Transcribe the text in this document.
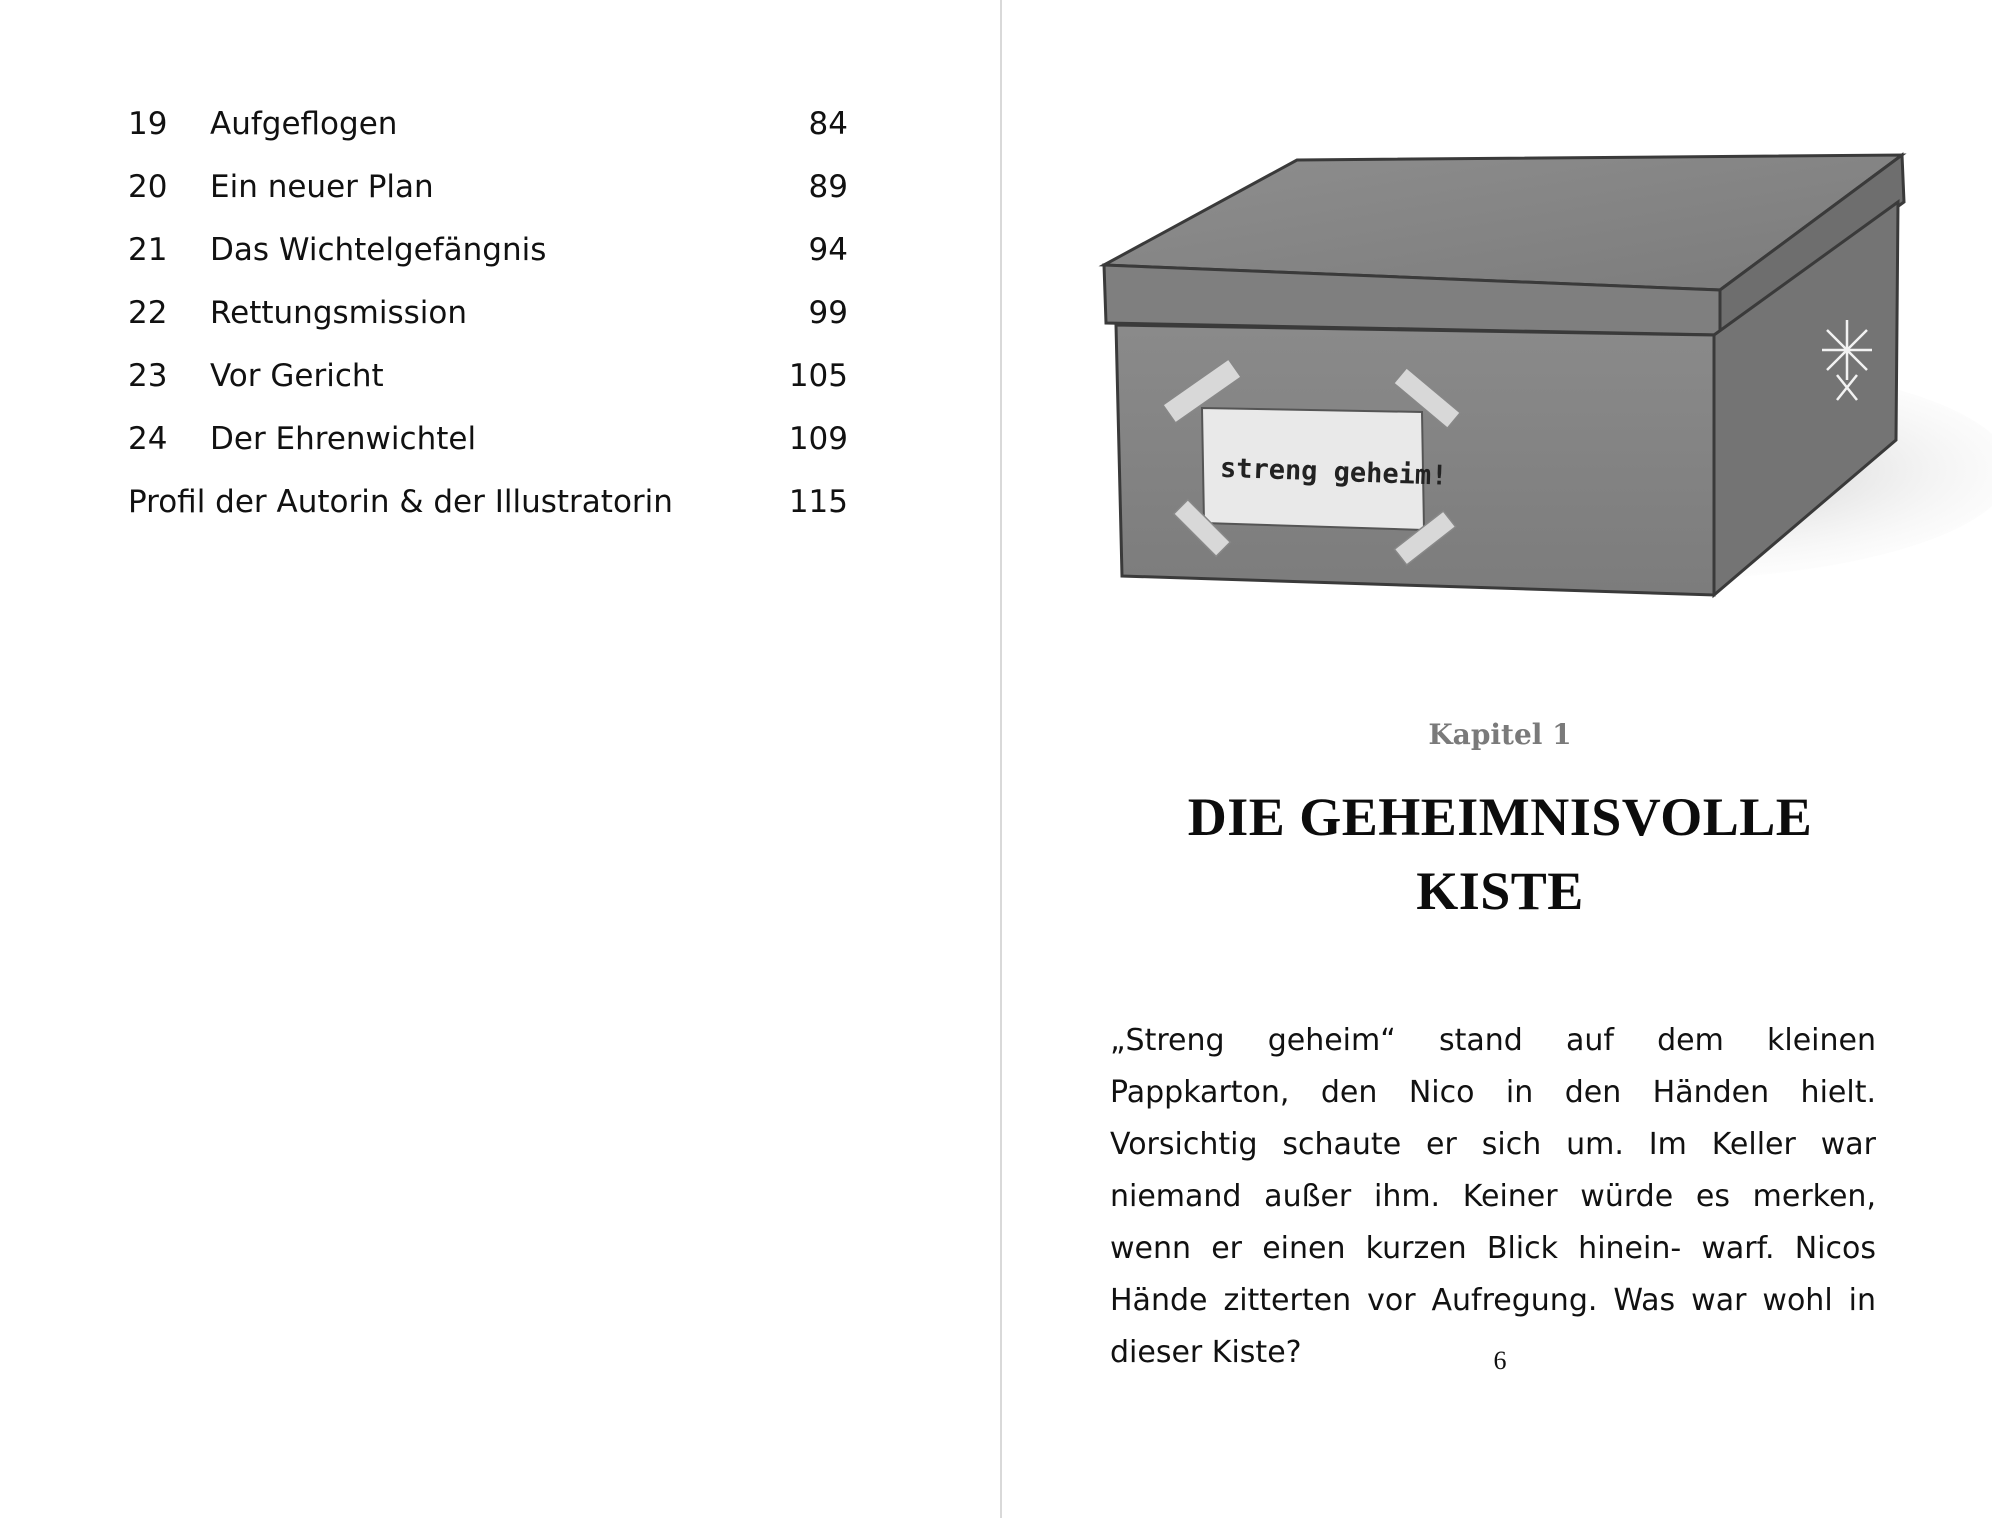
19 Aufgeflogen	84
20 Ein neuer Plan	89
21 Das Wichtelgefängnis	94
22 Rettungsmission	99
23 Vor Gericht	105
24 Der Ehrenwichtel	109
Profil der Autorin & der Illustratorin	115
streng geheim!
Kapitel 1
DIE GEHEIMNISVOLLE
KISTE
„Streng geheim“ stand auf dem kleinen Pappkarton, den Nico in den Händen hielt. Vorsichtig schaute er sich um. Im Keller war niemand außer ihm. Keiner würde es merken, wenn er einen kurzen Blick hinein- warf. Nicos Hände zitterten vor Aufregung. Was war wohl in dieser Kiste?	6
